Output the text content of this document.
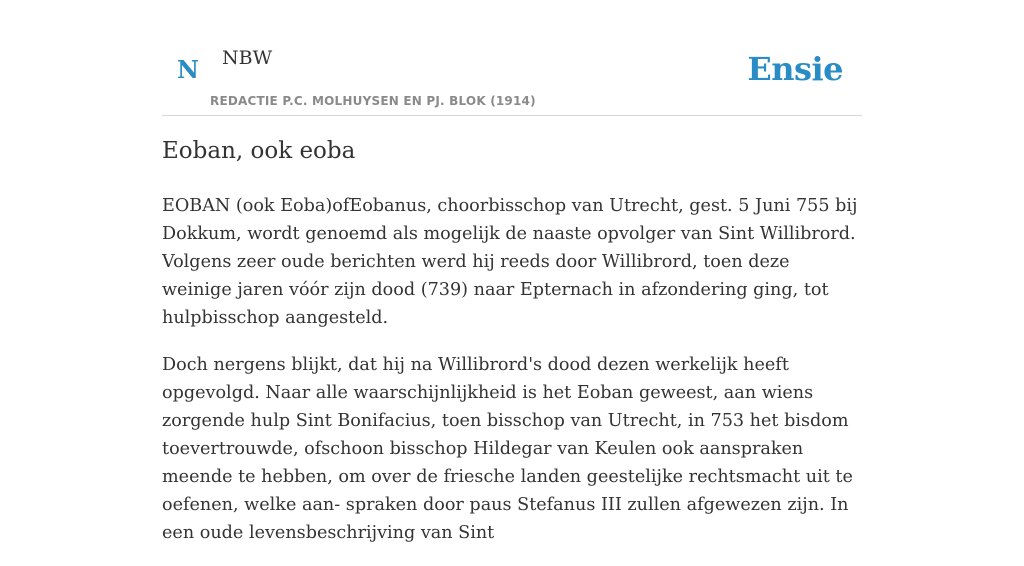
N NBW
REDACTIE P.C. MOLHUYSEN EN PJ. BLOK (1914)
Ensie
Eoban, ook eoba

EOBAN (ook Eoba)ofEobanus, choorbisschop van Utrecht, gest. 5 Juni 755 bij Dokkum, wordt genoemd als mogelijk de naaste opvolger van Sint Willibrord. Volgens zeer oude berichten werd hij reeds door Willibrord, toen deze weinige jaren vóór zijn dood (739) naar Epternach in afzondering ging, tot hulpbisschop aangesteld.

Doch nergens blijkt, dat hij na Willibrord's dood dezen werkelijk heeft opgevolgd. Naar alle waarschijnlijkheid is het Eoban geweest, aan wiens zorgende hulp Sint Bonifacius, toen bisschop van Utrecht, in 753 het bisdom toevertrouwde, ofschoon bisschop Hildegar van Keulen ook aanspraken meende te hebben, om over de friesche landen geestelijke rechtsmacht uit te oefenen, welke aan- spraken door paus Stefanus III zullen afgewezen zijn. In een oude levensbeschrijving van Sint
